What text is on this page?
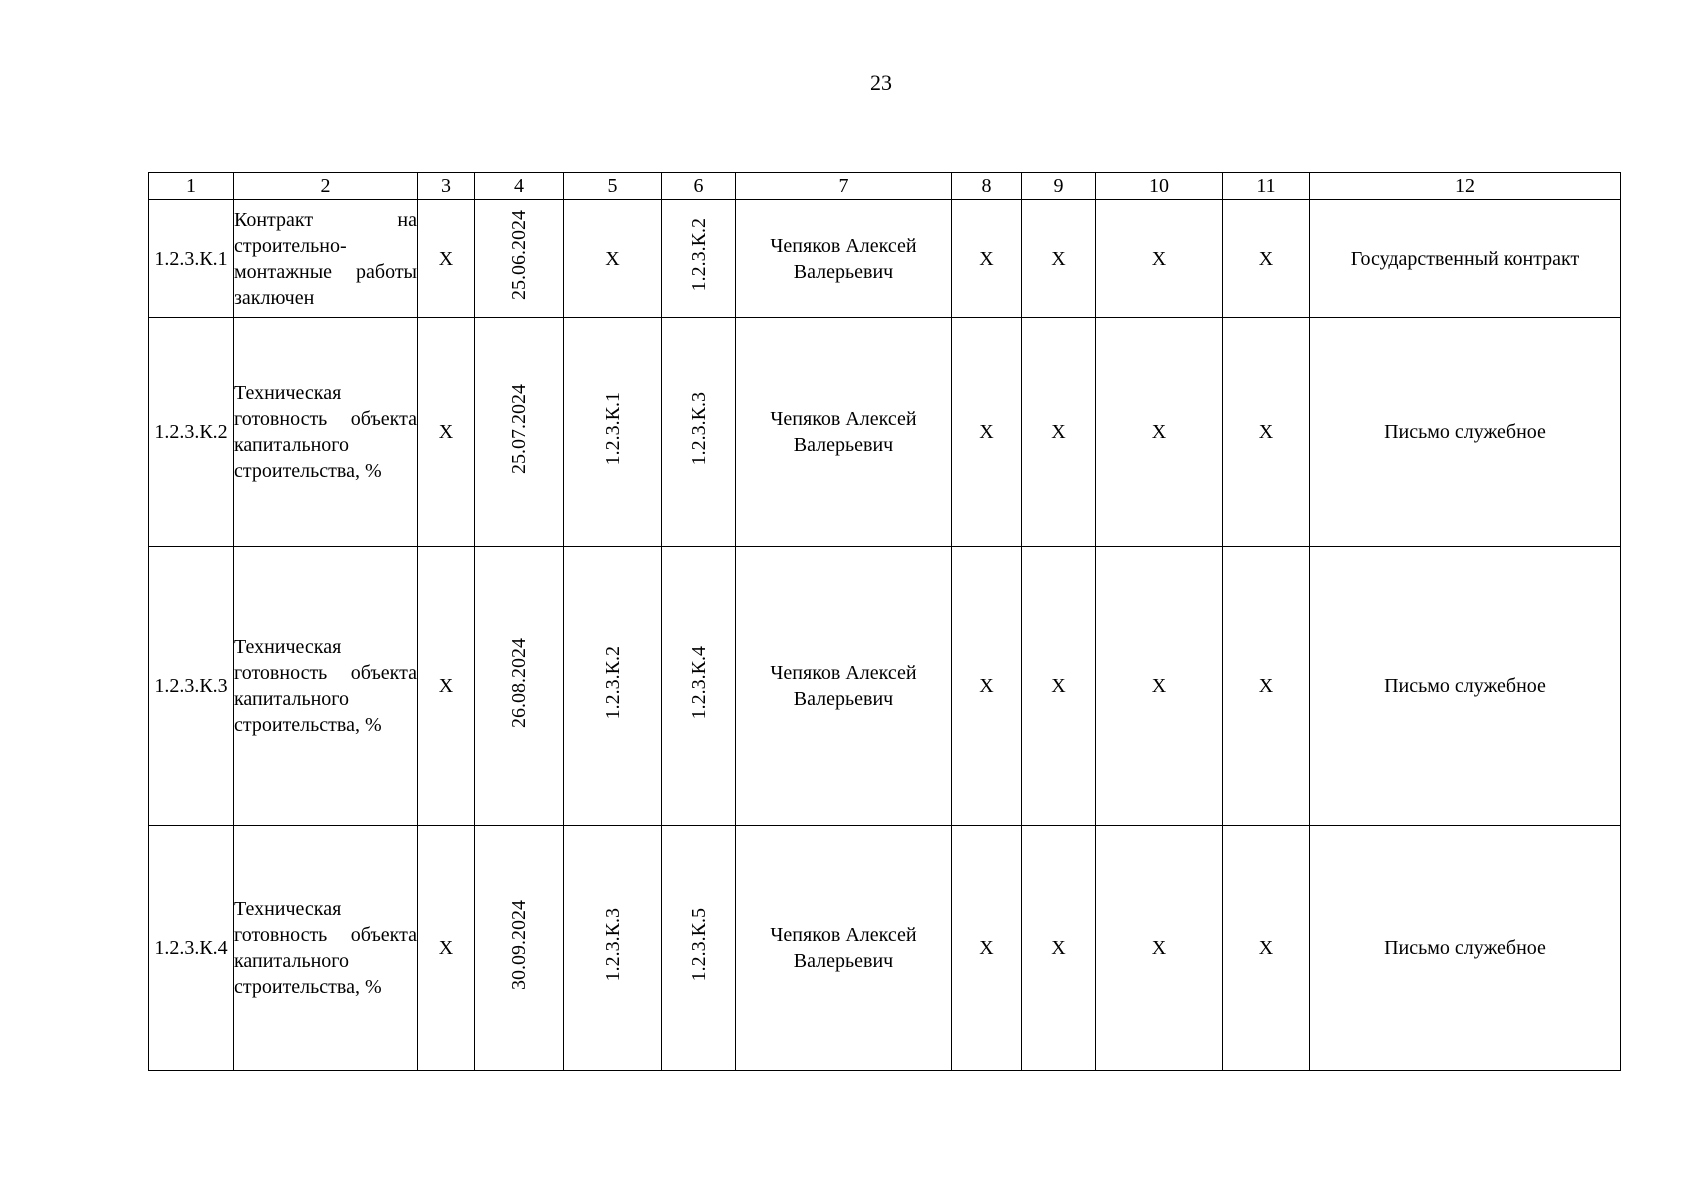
23
1	2	3	4	5	6	7	8	9	10	11	12
1.2.3.К.1	Контракт на строительно-монтажные работы заключен	X	25.06.2024	X	1.2.3.К.2	Чепяков Алексей Валерьевич	X	X	X	X	Государственный контракт
1.2.3.К.2	Техническая готовность объекта капитального строительства, %	X	25.07.2024	1.2.3.К.1	1.2.3.К.3	Чепяков Алексей Валерьевич	X	X	X	X	Письмо служебное
1.2.3.К.3	Техническая готовность объекта капитального строительства, %	X	26.08.2024	1.2.3.К.2	1.2.3.К.4	Чепяков Алексей Валерьевич	X	X	X	X	Письмо служебное
1.2.3.К.4	Техническая готовность объекта капитального строительства, %	X	30.09.2024	1.2.3.К.3	1.2.3.К.5	Чепяков Алексей Валерьевич	X	X	X	X	Письмо служебное
